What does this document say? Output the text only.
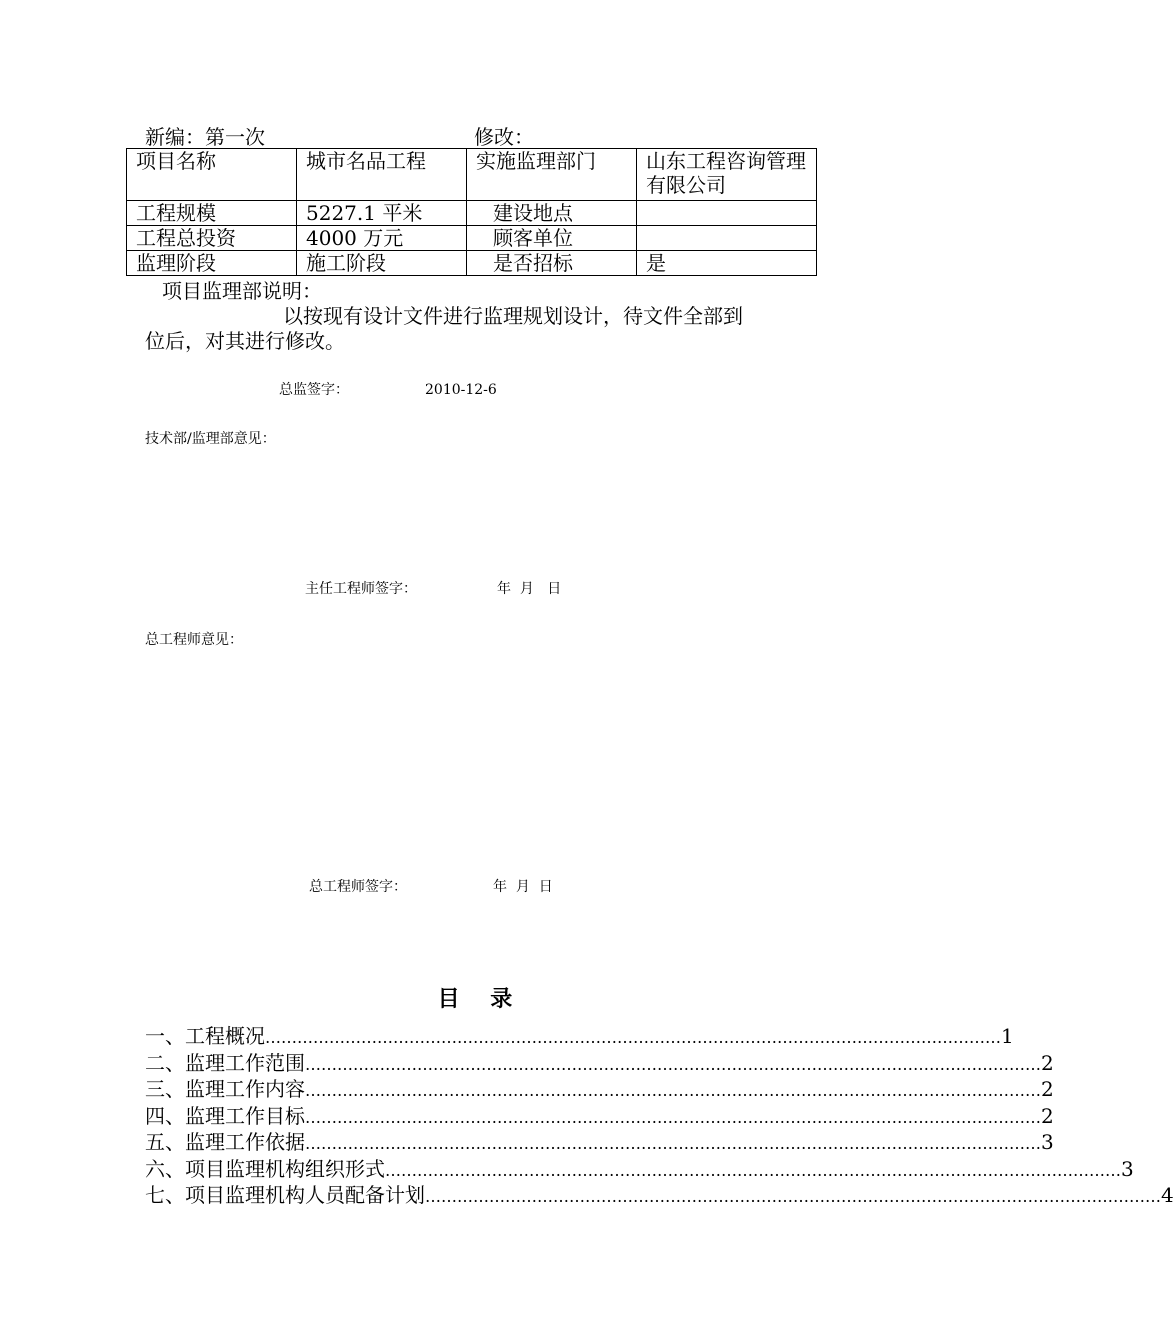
新编：第一次	修改：
项目名称	城市名品工程	实施监理部门	山东工程咨询管理有限公司
工程规模	5227.1 平米	建设地点	
工程总投资	4000 万元	顾客单位	
监理阶段	施工阶段	是否招标	是
项目监理部说明：
以按现有设计文件进行监理规划设计，待文件全部到
位后，对其进行修改。
总监签字：	2010-12-6
技术部/监理部意见：
主任工程师签字：	年  月   日
总工程师意见：
总工程师签字：	年  月  日
目    录
一、工程概况 ………………………………………………………………………………………………………………………… 1
二、监理工作范围 ………………………………………………………………………………………………………………………… 2
三、监理工作内容 ………………………………………………………………………………………………………………………… 2
四、监理工作目标 ………………………………………………………………………………………………………………………… 2
五、监理工作依据 ………………………………………………………………………………………………………………………… 3
六、项目监理机构组织形式 ………………………………………………………………………………………………………………………… 3
七、项目监理机构人员配备计划 ………………………………………………………………………………………………………………………… 4
